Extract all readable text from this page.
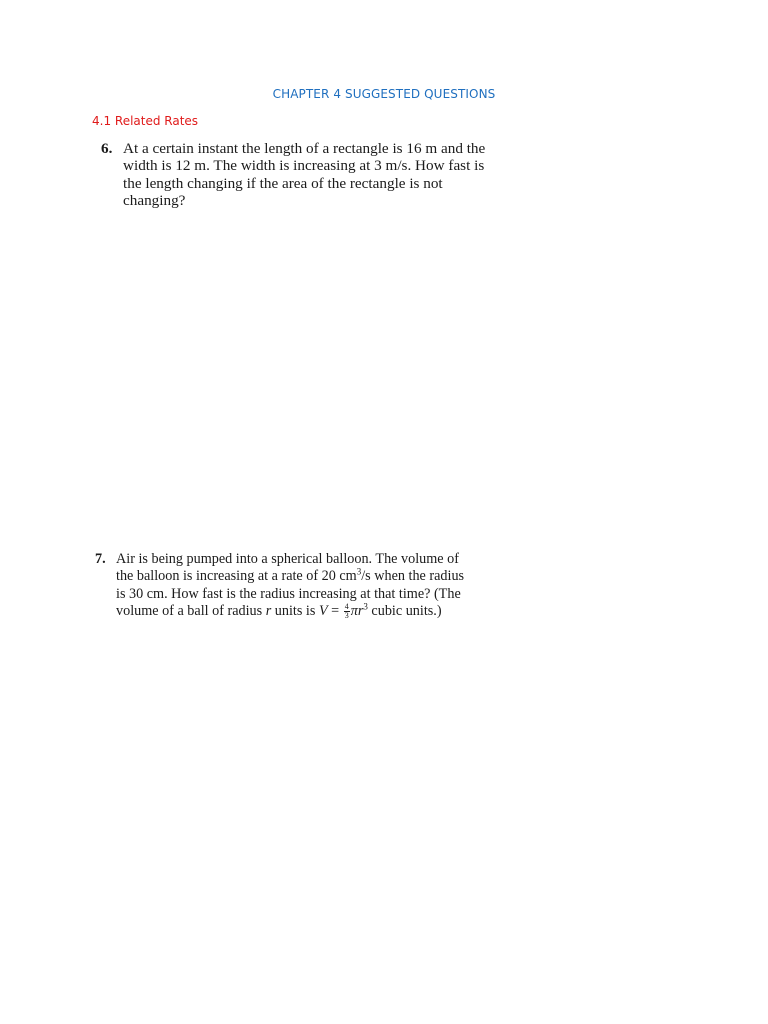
CHAPTER 4 SUGGESTED QUESTIONS
4.1 Related Rates
6. At a certain instant the length of a rectangle is 16 m and the
width is 12 m. The width is increasing at 3 m/s. How fast is
the length changing if the area of the rectangle is not
changing?
7. Air is being pumped into a spherical balloon. The volume of
the balloon is increasing at a rate of 20 $cm^3/s$ when the radius
is 30 cm. How fast is the radius increasing at that time? (The
volume of a ball of radius r units is $V = \frac{4}{3} \pi r^3$ cubic units.)
